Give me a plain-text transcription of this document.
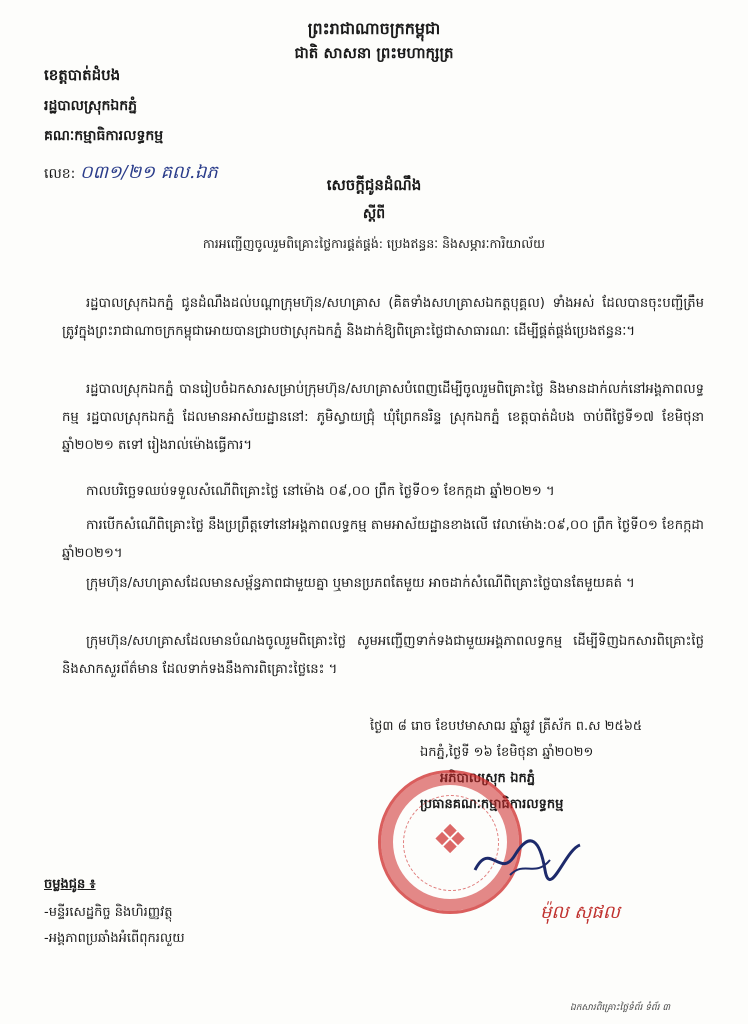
ព្រះរាជាណាចក្រកម្ពុជា
ជាតិ សាសនា ព្រះមហាក្សត្រ
ខេត្តបាត់ដំបង
រដ្ឋបាលស្រុកឯកភ្នំ
គណៈកម្មាធិការលទ្ធកម្ម
លេខ: ០៣១/២១ គល.ឯភ
សេចក្ដីជូនដំណឹង
ស្ដីពី
ការអញ្ជើញចូលរួមពិគ្រោះថ្លៃការផ្គត់ផ្គង់: ប្រេងឥន្ធនៈ និងសម្ភារៈការិយាល័យ
រដ្ឋបាលស្រុកឯកភ្នំ ជូនដំណឹងដល់បណ្ដាក្រុមហ៊ុន/សហគ្រាស (គិតទាំងសហគ្រាសឯកត្តបុគ្គល) ទាំងអស់ ដែលបានចុះបញ្ជីត្រឹមត្រូវក្នុងព្រះរាជាណាចក្រកម្ពុជាអោយបានជ្រាបថាស្រុកឯកភ្នំ និងដាក់ឱ្យពិគ្រោះថ្លៃជាសាធារណៈ ដើម្បីផ្គត់ផ្គង់ប្រេងឥន្ធនៈ។
រដ្ឋបាលស្រុកឯកភ្នំ បានរៀបចំឯកសារសម្រាប់ក្រុមហ៊ុន/សហគ្រាសបំពេញដើម្បីចូលរួមពិគ្រោះថ្លៃ និងមានដាក់លក់នៅអង្គភាពលទ្ធកម្ម រដ្ឋបាលស្រុកឯកភ្នំ ដែលមានអាស័យដ្ឋាននៅ: ភូមិស្វាយជ្រុំ ឃុំព្រែកនរិន្ទ ស្រុកឯកភ្នំ ខេត្តបាត់ដំបង ចាប់ពីថ្ងៃទី១៧ ខែមិថុនា ឆ្នាំ២០២១ តទៅ រៀងរាល់ម៉ោងធ្វើការ។
កាលបរិច្ឆេទឈប់ទទួលសំណើពិគ្រោះថ្លៃ នៅម៉ោង ០៩,០០ ព្រឹក ថ្ងៃទី០១ ខែកក្កដា ឆ្នាំ២០២១ ។
ការបើកសំណើពិគ្រោះថ្លៃ នឹងប្រព្រឹត្តទៅនៅអង្គភាពលទ្ធកម្ម តាមអាស័យដ្ឋានខាងលើ វេលាម៉ោង:០៩,០០ ព្រឹក ថ្ងៃទី០១ ខែកក្កដា ឆ្នាំ២០២១។
ក្រុមហ៊ុន/សហគ្រាសដែលមានសម្ព័ន្ធភាពជាមួយគ្នា ឬមានប្រភពតែមួយ អាចដាក់សំណើពិគ្រោះថ្លៃបានតែមួយគត់ ។
ក្រុមហ៊ុន/សហគ្រាសដែលមានបំណងចូលរួមពិគ្រោះថ្លៃ សូមអញ្ជើញទាក់ទងជាមួយអង្គភាពលទ្ធកម្ម ដើម្បីទិញឯកសារពិគ្រោះថ្លៃ និងសាកសួរព័ត៌មាន ដែលទាក់ទងនឹងការពិគ្រោះថ្លៃនេះ ។
ថ្ងៃ៣ ៨ រោច ខែបឋមាសាឍ ឆ្នាំឆ្លូវ ត្រីស័ក ព.ស ២៥៦៥
ឯកភ្នំ,ថ្ងៃទី ១៦ ខែមិថុនា ឆ្នាំ២០២១
អភិបាលស្រុក ឯកភ្នំ
ប្រធានគណៈកម្មាធិការលទ្ធកម្ម
❖
ម៉ុល សុផល
ចម្លងជូន ៖
-មន្ទីរសេដ្ឋកិច្ច និងហិរញ្ញវត្ថុ
-អង្គភាពប្រឆាំងអំពើពុករលួយ
ឯកសារពិគ្រោះថ្លៃទំព័រ ទំព័រ ៣
